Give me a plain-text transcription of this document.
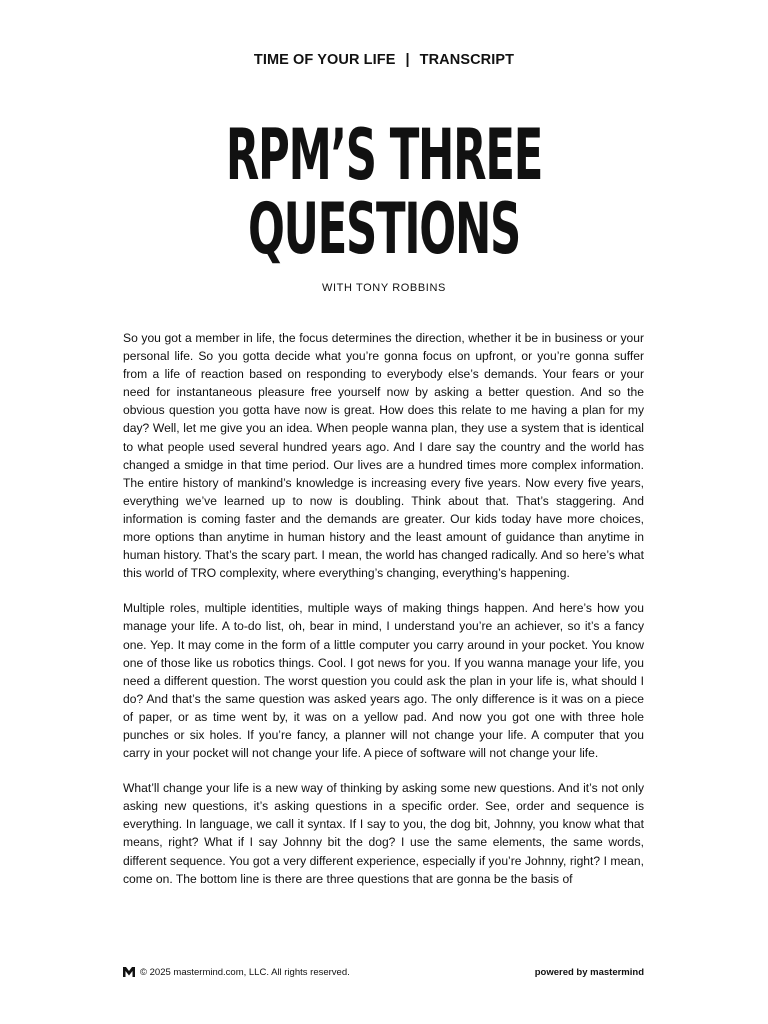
TIME OF YOUR LIFE | TRANSCRIPT
RPM’S THREE
QUESTIONS
WITH TONY ROBBINS

So you got a member in life, the focus determines the direction, whether it be in business or your personal life. So you gotta decide what you’re gonna focus on upfront, or you’re gonna suffer from a life of reaction based on responding to everybody else’s demands. Your fears or your need for instantaneous pleasure free yourself now by asking a better question. And so the obvious question you gotta have now is great. How does this relate to me having a plan for my day? Well, let me give you an idea. When people wanna plan, they use a system that is identical to what people used several hundred years ago. And I dare say the country and the world has changed a smidge in that time period. Our lives are a hundred times more complex information. The entire history of mankind’s knowledge is increasing every five years. Now every five years, everything we’ve learned up to now is doubling. Think about that. That’s staggering. And information is coming faster and the demands are greater. Our kids today have more choices, more options than anytime in human history and the least amount of guidance than anytime in human history. That’s the scary part. I mean, the world has changed radically. And so here’s what this world of TRO complexity, where everything’s changing, everything’s happening.

Multiple roles, multiple identities, multiple ways of making things happen. And here’s how you manage your life. A to-do list, oh, bear in mind, I understand you’re an achiever, so it’s a fancy one. Yep. It may come in the form of a little computer you carry around in your pocket. You know one of those like us robotics things. Cool. I got news for you. If you wanna manage your life, you need a different question. The worst question you could ask the plan in your life is, what should I do? And that’s the same question was asked years ago. The only difference is it was on a piece of paper, or as time went by, it was on a yellow pad. And now you got one with three hole punches or six holes. If you’re fancy, a planner will not change your life. A computer that you carry in your pocket will not change your life. A piece of software will not change your life.

What’ll change your life is a new way of thinking by asking some new questions. And it’s not only asking new questions, it’s asking questions in a specific order. See, order and sequence is everything. In language, we call it syntax. If I say to you, the dog bit, Johnny, you know what that means, right? What if I say Johnny bit the dog? I use the same elements, the same words, different sequence. You got a very different experience, especially if you’re Johnny, right? I mean, come on. The bottom line is there are three questions that are gonna be the basis of

© 2025 mastermind.com, LLC. All rights reserved.	powered by mastermind
